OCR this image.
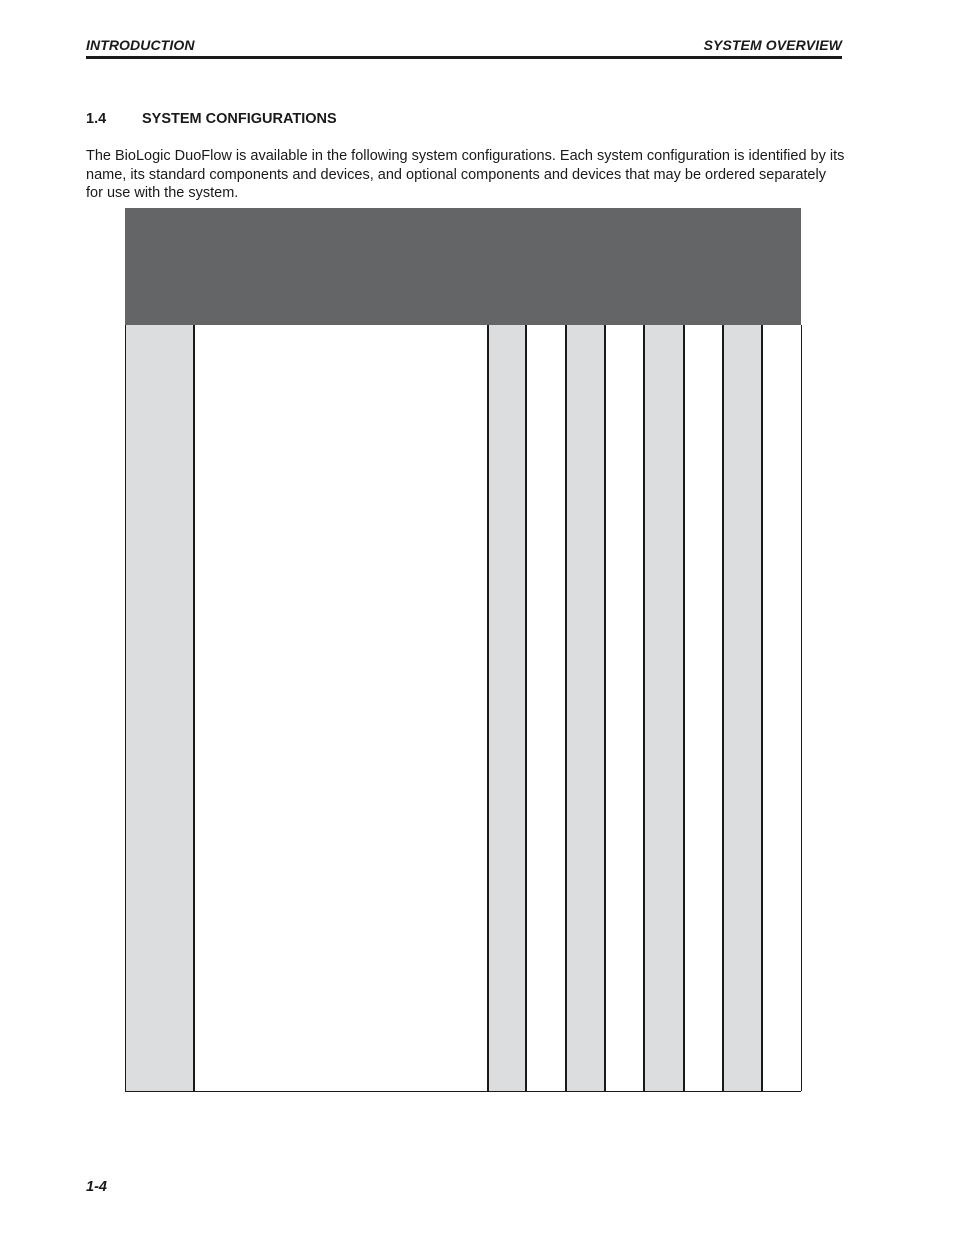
INTRODUCTION	SYSTEM OVERVIEW
1.4 SYSTEM CONFIGURATIONS
The BioLogic DuoFlow is available in the following system configurations. Each system configuration is identified by its name, its standard components and devices, and optional components and devices that may be ordered separately for use with the system.
1-4
